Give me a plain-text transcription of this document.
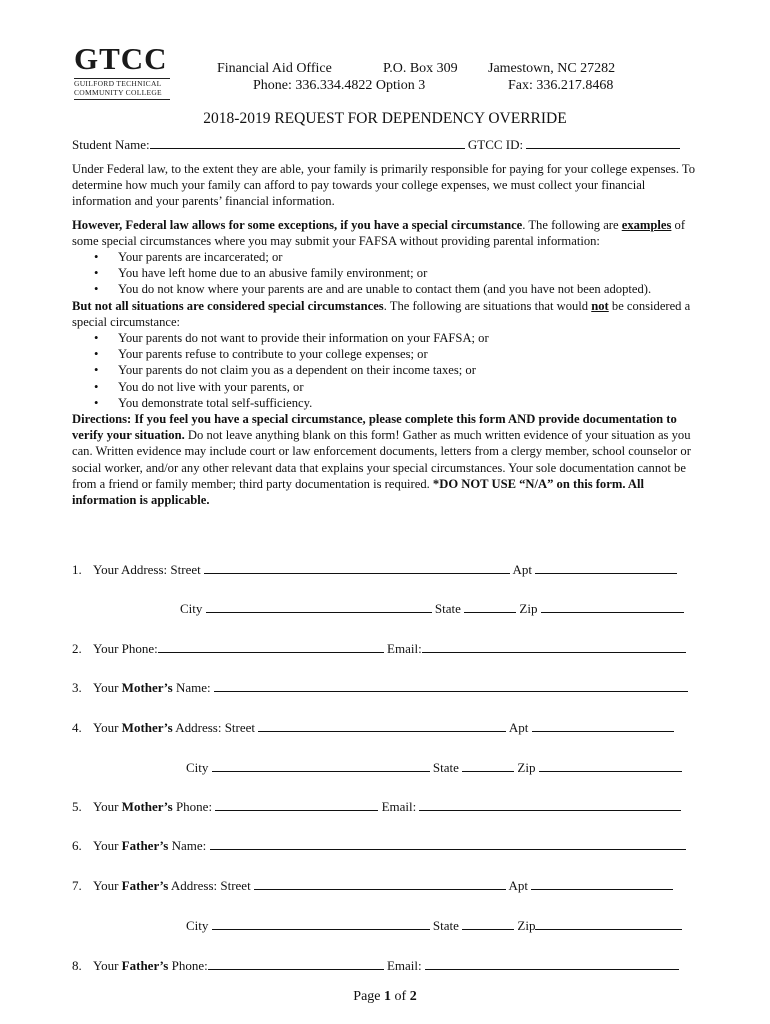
GTCC
GUILFORD TECHNICAL
COMMUNITY COLLEGE
Financial Aid Office	P.O. Box 309 Jamestown, NC 27282
Phone: 336.334.4822 Option 3	Fax: 336.217.8468
2018-2019 REQUEST FOR DEPENDENCY OVERRIDE
Student Name:	GTCC ID:

Under Federal law, to the extent they are able, your family is primarily responsible for paying for your college expenses. To determine how much your family can afford to pay towards your college expenses, we must collect your financial information and your parents’ financial information.

However, Federal law allows for some exceptions, if you have a special circumstance. The following are examples of some special circumstances where you may submit your FAFSA without providing parental information:

• Your parents are incarcerated; or
• You have left home due to an abusive family environment; or
• You do not know where your parents are and are unable to contact them (and you have not been adopted).

But not all situations are considered special circumstances. The following are situations that would not be considered a special circumstance:

• Your parents do not want to provide their information on your FAFSA; or
• Your parents refuse to contribute to your college expenses; or
• Your parents do not claim you as a dependent on their income taxes; or
• You do not live with your parents, or
• You demonstrate total self-sufficiency.

Directions: If you feel you have a special circumstance, please complete this form AND provide documentation to verify your situation. Do not leave anything blank on this form! Gather as much written evidence of your situation as you can. Written evidence may include court or law enforcement documents, letters from a clergy member, school counselor or social worker, and/or any other relevant data that explains your special circumstances. Your sole documentation cannot be from a friend or family member; third party documentation is required. *DO NOT USE “N/A” on this form. All information is applicable.

1. Your Address: Street	Apt
City	State	Zip
2. Your Phone:	Email:
3. Your Mother’s Name:
4. Your Mother’s Address: Street	Apt
City	State	Zip
5. Your Mother’s Phone:	Email:
6. Your Father’s Name:
7. Your Father’s Address: Street	Apt
City	State	Zip
8. Your Father’s Phone:	Email:
Page 1 of 2
